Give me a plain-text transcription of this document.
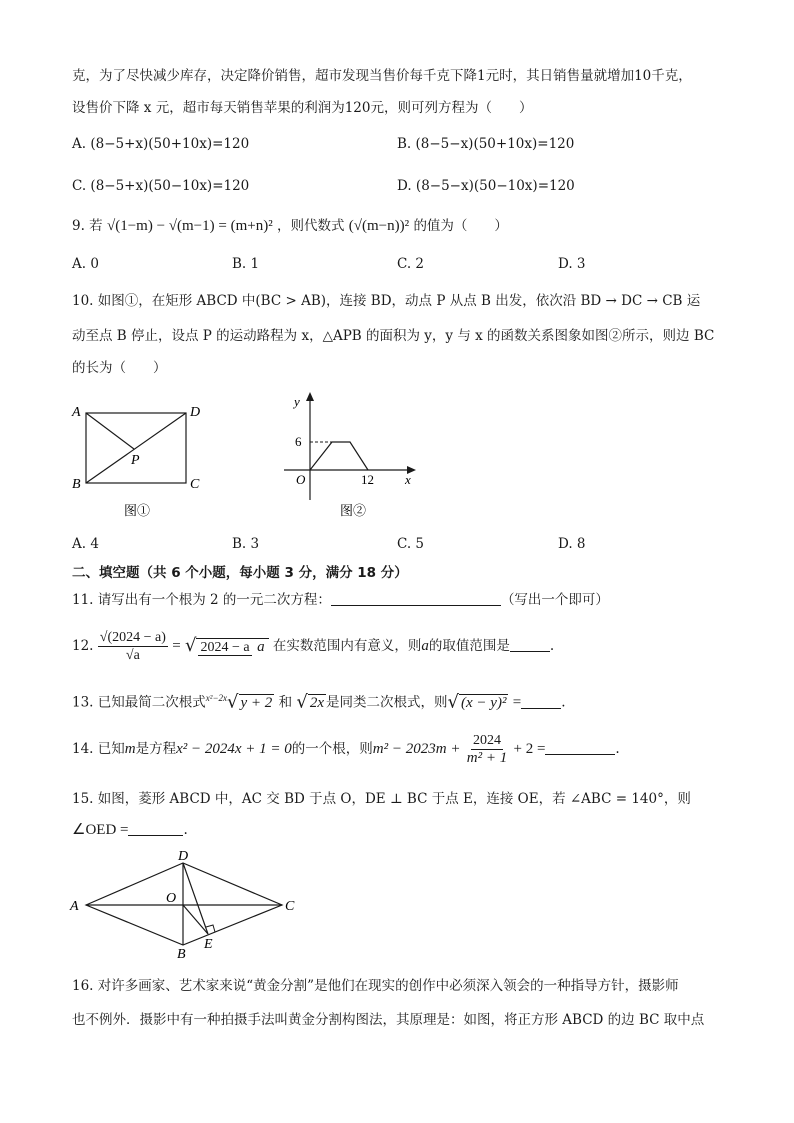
克，为了尽快减少库存，决定降价销售，超市发现当售价每千克下降1元时，其日销售量就增加10千克，
设售价下降 x 元，超市每天销售苹果的利润为120元，则可列方程为（　　）
A. (8−5+x)(50+10x)=120	B. (8−5−x)(50+10x)=120
C. (8−5+x)(50−10x)=120	D. (8−5−x)(50−10x)=120
9. 若 √(1−m) − √(m−1) = (m+n)² ，则代数式 (√(m−n))² 的值为（　　）
A. 0	B. 1	C. 2	D. 3
10. 如图①，在矩形 ABCD 中(BC > AB)，连接 BD，动点 P 从点 B 出发，依次沿 BD → DC → CB 运
动至点 B 停止，设点 P 的运动路程为 x，△APB 的面积为 y，y 与 x 的函数关系图象如图②所示，则边 BC
的长为（　　）
A	D
B	C
P
图①
y
x
O
6
12
图②
A. 4	B. 3	C. 5	D. 8
二、填空题（共 6 个小题，每小题 3 分，满分 18 分）
11. 请写出有一个根为 2 的一元二次方程：	（写出一个即可）
12. $\frac{√(2024 - a)}{√a}$ = √ 2024 − a a 在实数范围内有意义，则a的取值范围是	.
13. 已知最简二次根式$^{x^2-2x}$√ y + 2 和 √ 2x 是同类二次根式，则√ (x − y)² =	.
14. 已知m是方程x² − 2024x + 1 = 0的一个根，则$m^2 - 2023m + \frac{2024}{\text{m² + 1}} + 2$ =	.
15. 如图，菱形 ABCD 中，AC 交 BD 于点 O，DE ⊥ BC 于点 E，连接 OE，若 ∠ABC = 140°，则
∠OED =	.
A
D
C
B
O
E
16. 对许多画家、艺术家来说“黄金分割”是他们在现实的创作中必须深入领会的一种指导方针，摄影师
也不例外．摄影中有一种拍摄手法叫黄金分割构图法，其原理是：如图，将正方形 ABCD 的边 BC 取中点
